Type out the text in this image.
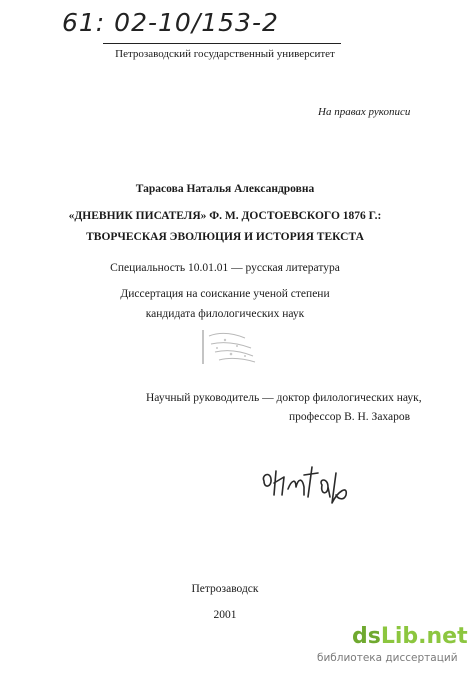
61: 02-10/153-2
Петрозаводский государственный университет
На правах рукописи
Тарасова Наталья Александровна
«ДНЕВНИК ПИСАТЕЛЯ» Ф. М. ДОСТОЕВСКОГО 1876 Г.:
ТВОРЧЕСКАЯ ЭВОЛЮЦИЯ И ИСТОРИЯ ТЕКСТА
Специальность 10.01.01 — русская литература
Диссертация на соискание ученой степени
кандидата филологических наук
Научный руководитель — доктор филологических наук,
профессор В. Н. Захаров
Петрозаводск
2001
dsLib.net
библиотека диссертаций
